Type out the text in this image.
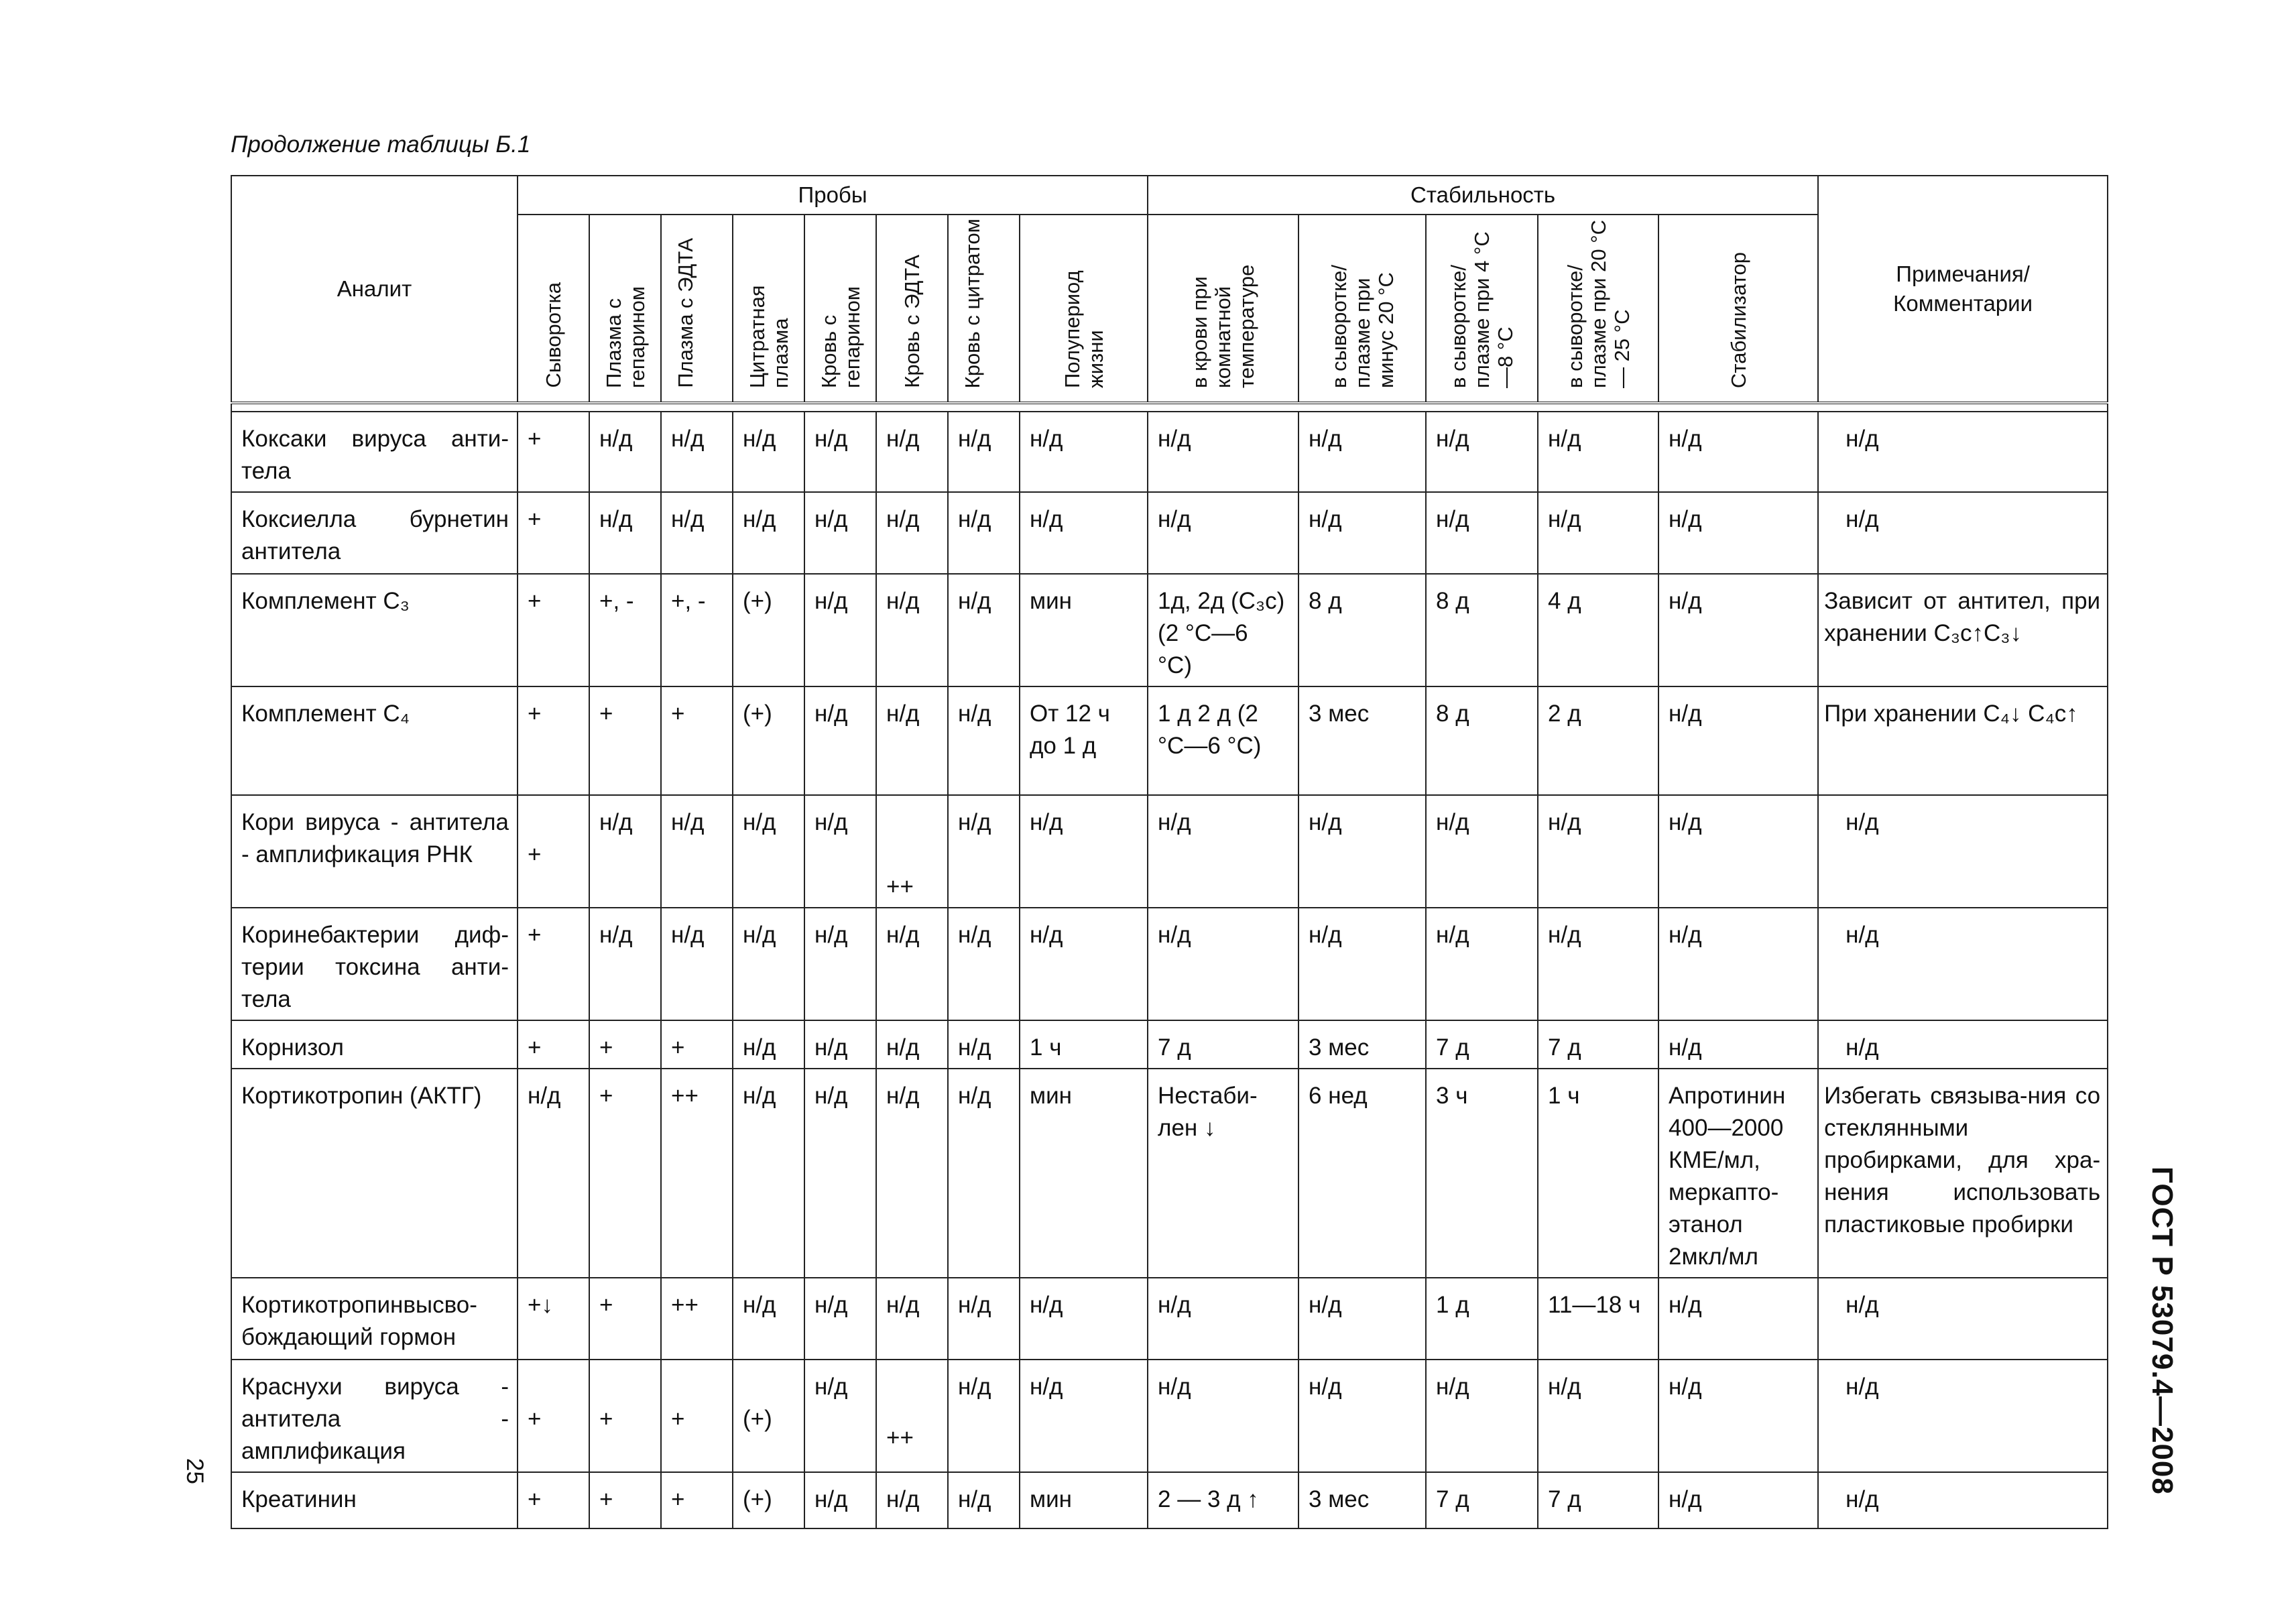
Продолжение таблицы Б.1
Аналит	Пробы								Стабильность					Примечания/ Комментарии

	Сыворотка	Плазма с гепарином	Плазма с ЭДТА	Цитратная плазма	Кровь с гепарином	Кровь с ЭДТА	Кровь с цитратом	Полупериод жизни	в крови при комнатной температуре	в сыворотке/ плазме при минус 20 °С	в сыворотке/ плазме при 4 °С—8 °С	в сыворотке/ плазме при 20 °С — 25 °С	Стабилизатор	

Коксаки вируса анти-тела	+	н/д	н/д	н/д	н/д	н/д	н/д	н/д	н/д	н/д	н/д	н/д	н/д	н/д
Коксиелла бурнетин антитела	+	н/д	н/д	н/д	н/д	н/д	н/д	н/д	н/д	н/д	н/д	н/д	н/д	н/д
Комплемент С₃	+	+, -	+, -	(+)	н/д	н/д	н/д	мин	1д, 2д (С₃с) (2 °С—6 °С)	8 д	8 д	4 д	н/д	Зависит от антител, при хранении С₃с↑С₃↓
Комплемент С₄	+	+	+	(+)	н/д	н/д	н/д	От 12 ч до 1 д	1 д 2 д (2 °С—6 °С)	3 мес	8 д	2 д	н/д	При хранении С₄↓ С₄с↑
Кори вируса - антитела - амплификация РНК	+	н/д	н/д	н/д	н/д	++	н/д	н/д	н/д	н/д	н/д	н/д	н/д	н/д
Коринебактерии диф-терии токсина анти-тела	+	н/д	н/д	н/д	н/д	н/д	н/д	н/д	н/д	н/д	н/д	н/д	н/д	н/д
Корнизол	+	+	+	н/д	н/д	н/д	н/д	1 ч	7 д	3 мес	7 д	7 д	н/д	н/д
Кортикотропин (АКТГ)	н/д	+	++	н/д	н/д	н/д	н/д	мин	Нестаби-лен ↓	6 нед	3 ч	1 ч	Апротинин 400—2000 КМЕ/мл, меркапто-этанол 2мкл/мл	Избегать связыва-ния со стеклянными пробирками, для хра-нения использовать пластиковые пробирки
Кортикотропинвысво-бождающий гормон	+↓	+	++	н/д	н/д	н/д	н/д	н/д	н/д	н/д	1 д	11—18 ч	н/д	н/д
Краснухи вируса - антитела - амплификация	+	+	+	(+)	н/д	++	н/д	н/д	н/д	н/д	н/д	н/д	н/д	н/д
Креатинин	+	+	+	(+)	н/д	н/д	н/д	мин	2 — 3 д ↑	3 мес	7 д	7 д	н/д	н/д
ГОСТ Р 53079.4—2008
25
